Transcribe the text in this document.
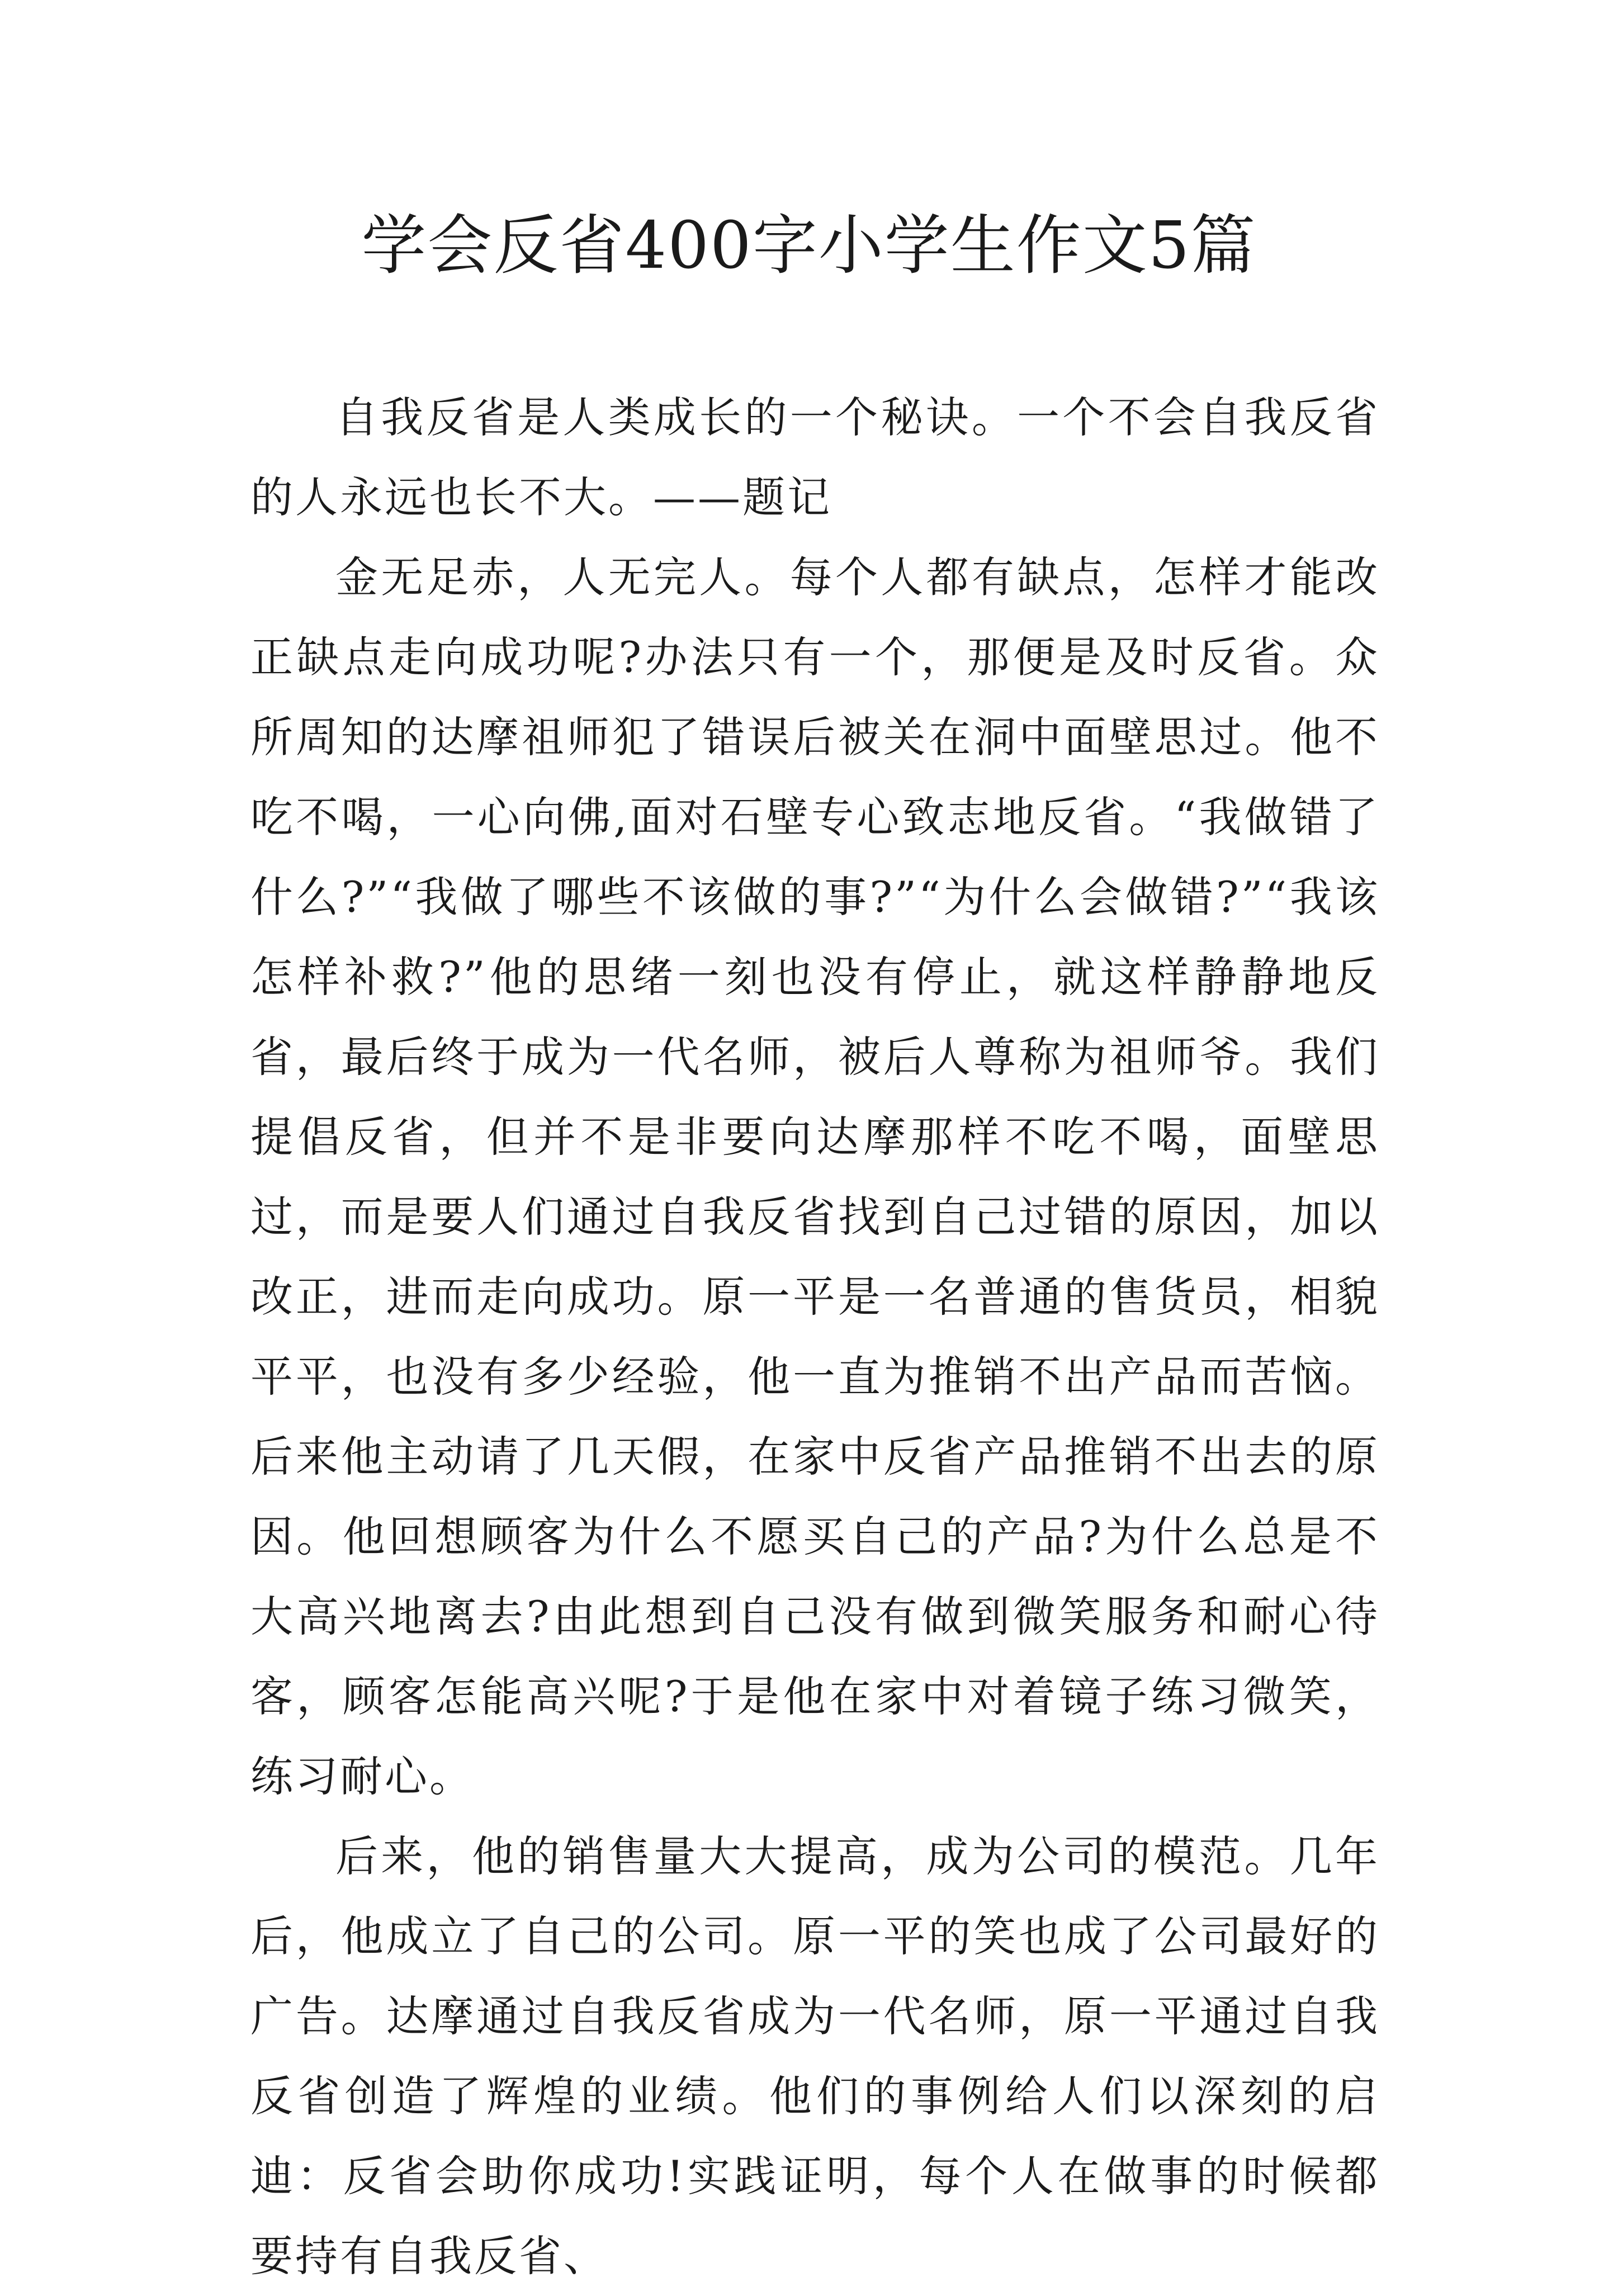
学会反省400字小学生作文5篇

自我反省是人类成长的一个秘诀。一个不会自我反省的人永远也长不大。——题记

金无足赤，人无完人。每个人都有缺点，怎样才能改正缺点走向成功呢?办法只有一个，那便是及时反省。众所周知的达摩祖师犯了错误后被关在洞中面壁思过。他不吃不喝，一心向佛,面对石壁专心致志地反省。“我做错了什么?”“我做了哪些不该做的事?”“为什么会做错?”“我该怎样补救?”他的思绪一刻也没有停止，就这样静静地反省，最后终于成为一代名师，被后人尊称为祖师爷。我们提倡反省，但并不是非要向达摩那样不吃不喝，面壁思过，而是要人们通过自我反省找到自己过错的原因，加以改正，进而走向成功。原一平是一名普通的售货员，相貌平平，也没有多少经验，他一直为推销不出产品而苦恼。后来他主动请了几天假，在家中反省产品推销不出去的原因。他回想顾客为什么不愿买自己的产品?为什么总是不大高兴地离去?由此想到自己没有做到微笑服务和耐心待客，顾客怎能高兴呢?于是他在家中对着镜子练习微笑，练习耐心。

后来，他的销售量大大提高，成为公司的模范。几年后，他成立了自己的公司。原一平的笑也成了公司最好的广告。达摩通过自我反省成为一代名师，原一平通过自我反省创造了辉煌的业绩。他们的事例给人们以深刻的启迪：反省会助你成功!实践证明，每个人在做事的时候都要持有自我反省、
